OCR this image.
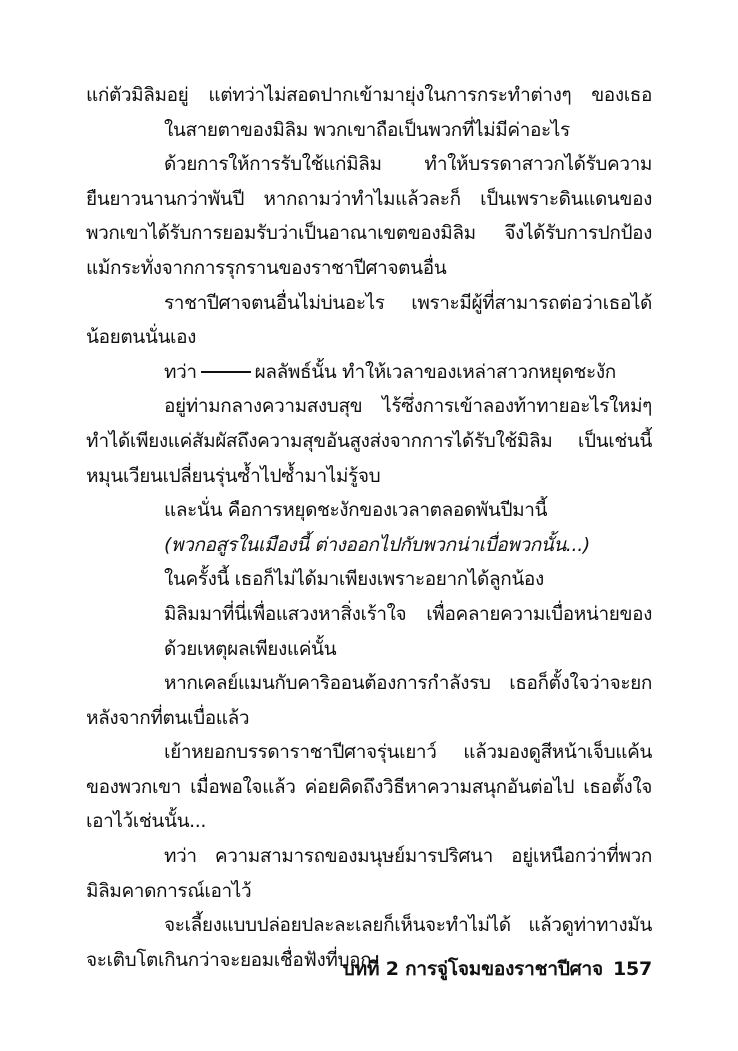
แก่ตัวมิลิมอยู่ แต่ทว่าไม่สอดปากเข้ามายุ่งในการกระทำต่างๆ ของเธอ
ในสายตาของมิลิม พวกเขาถือเป็นพวกที่ไม่มีค่าอะไร
ด้วยการให้การรับใช้แก่มิลิม ทำให้บรรดาสาวกได้รับความ
ยืนยาวนานกว่าพันปี หากถามว่าทำไมแล้วละก็ เป็นเพราะดินแดนของ
พวกเขาได้รับการยอมรับว่าเป็นอาณาเขตของมิลิม จึงได้รับการปกป้อง
แม้กระทั่งจากการรุกรานของราชาปีศาจตนอื่น
ราชาปีศาจตนอื่นไม่บ่นอะไร เพราะมีผู้ที่สามารถต่อว่าเธอได้
น้อยตนนั่นเอง
ทว่า	ผลลัพธ์นั้น ทำให้เวลาของเหล่าสาวกหยุดชะงัก
อยู่ท่ามกลางความสงบสุข ไร้ซึ่งการเข้าลองท้าทายอะไรใหม่ๆ
ทำได้เพียงแค่สัมผัสถึงความสุขอันสูงส่งจากการได้รับใช้มิลิม เป็นเช่นนี้
หมุนเวียนเปลี่ยนรุ่นซ้ำไปซ้ำมาไม่รู้จบ
และนั่น คือการหยุดชะงักของเวลาตลอดพันปีมานี้
(พวกอสูรในเมืองนี้ ต่างออกไปกับพวกน่าเบื่อพวกนั้น...)
ในครั้งนี้ เธอก็ไม่ได้มาเพียงเพราะอยากได้ลูกน้อง
มิลิมมาที่นี่เพื่อแสวงหาสิ่งเร้าใจ เพื่อคลายความเบื่อหน่ายของ
ด้วยเหตุผลเพียงแค่นั้น
หากเคลย์แมนกับคาริออนต้องการกำลังรบ เธอก็ตั้งใจว่าจะยก
หลังจากที่ตนเบื่อแล้ว
เย้าหยอกบรรดาราชาปีศาจรุ่นเยาว์ แล้วมองดูสีหน้าเจ็บแค้น
ของพวกเขา เมื่อพอใจแล้ว ค่อยคิดถึงวิธีหาความสนุกอันต่อไป เธอตั้งใจ
เอาไว้เช่นนั้น...
ทว่า ความสามารถของมนุษย์มารปริศนา อยู่เหนือกว่าที่พวก
มิลิมคาดการณ์เอาไว้
จะเลี้ยงแบบปล่อยปละละเลยก็เห็นจะทำไม่ได้ แล้วดูท่าทางมัน
จะเติบโตเกินกว่าจะยอมเชื่อฟังที่บอก
บทที่ 2 การจู่โจมของราชาปีศาจ 157
